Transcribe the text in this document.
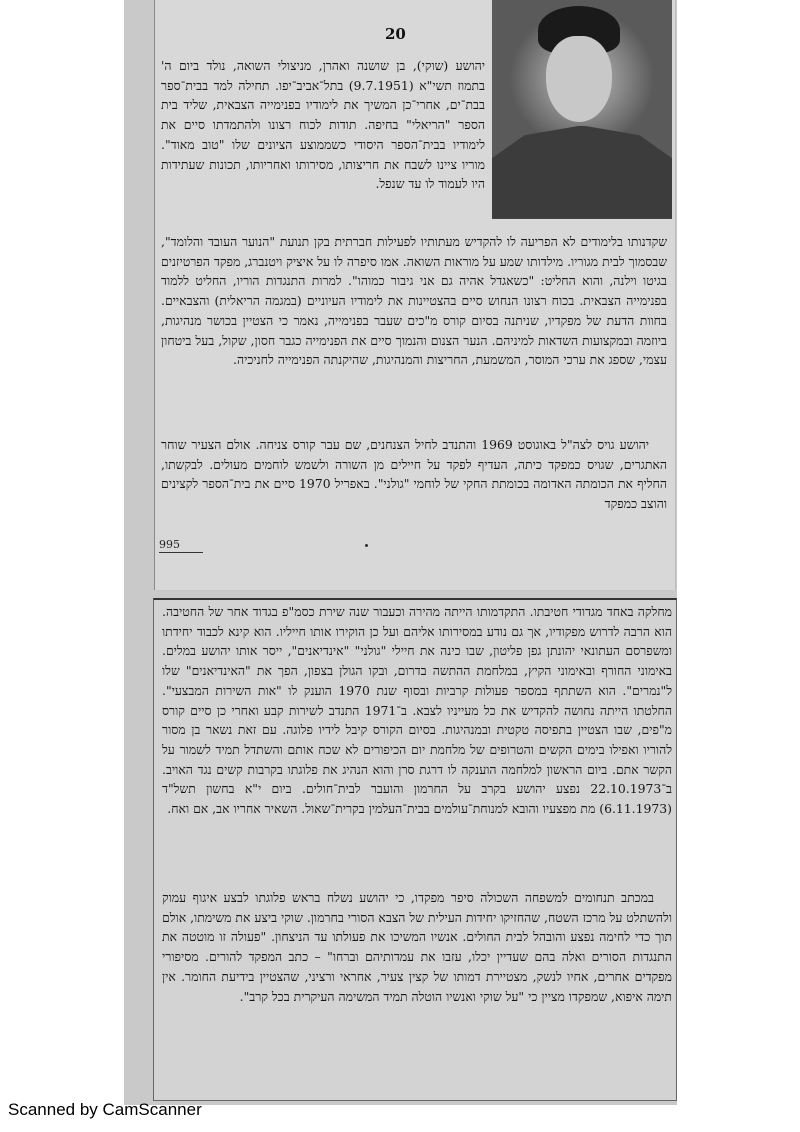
20

יהושע (שוקי), בן שושנה ואהרן, מניצולי השואה, נולד ביום ה' בתמוז תשי"א (9.7.1951) בתל־אביב־יפו. תחילה למד בבית־ספר בבת־ים, אחרי־כן המשיך את לימודיו בפנימייה הצבאית, שליד בית הספר "הריאלי" בחיפה. תודות לכוח רצונו ולהתמדתו סיים את לימודיו בבית־הספר היסודי כשממוצע הציונים שלו "טוב מאוד". מוריו ציינו לשבח את חריצותו, מסירותו ואחריותו, תכונות שעתידות היו לעמוד לו עד שנפל.

שקדנותו בלימודים לא הפריעה לו להקדיש מעתותיו לפעילות חברתית בקן תנועת "הנוער העובד והלומד", שבסמוך לבית מגוריו. מילדותו שמע על מוראות השואה. אמו סיפרה לו על איציק ויטנברג, מפקד הפרטיזנים בגיטו וילנה, והוא החליט: "כשאגדל אהיה גם אני גיבור כמוהו". למרות התנגדות הוריו, החליט ללמוד בפנימייה הצבאית. בכוח רצונו הנחוש סיים בהצטיינות את לימודיו העיוניים (במגמה הריאלית) והצבאיים. בחוות הדעת של מפקדיו, שניתנה בסיום קורס מ"כים שעבר בפנימייה, נאמר כי הצטיין בכושר מנהיגות, ביוזמה ובמקצועות השדאות למיניהם. הנער הצנום והנמוך סיים את הפנימייה כגבר חסון, שקול, בעל ביטחון עצמי, שספג את ערכי המוסר, המשמעת, החריצות והמנהיגות, שהיקנתה הפנימייה לחניכיה.

יהושע גויס לצה"ל באוגוסט 1969 והתנדב לחיל הצנחנים, שם עבר קורס צניחה. אולם הצעיר שוחר האתגרים, שגויס כמפקד כיתה, העדיף לפקד על חיילים מן השורה ולשמש לוחמים מעולים. לבקשתו, החליף את הכומתה האדומה בכומתת החקי של לוחמי "גולני". באפריל 1970 סיים את בית־הספר לקצינים והוצב כמפקד

995

מחלקה באחד מגדודי חטיבתו. התקדמותו הייתה מהירה וכעבור שנה שירת כסמ"פ בגדוד אחר של החטיבה. הוא הרבה לדרוש מפקודיו, אך גם נודע במסירותו אליהם ועל כן הוקירו אותו חייליו. הוא קינא לכבוד יחידתו ומשפרסם העתונאי יהונתן גפן פליטון, שבו כינה את חיילי "גולני" "אינדיאנים", ייסר אותו יהושע במלים. באימוני החורף ובאימוני הקיץ, במלחמת ההתשה בדרום, ובקו הגולן בצפון, הפך את "האינדיאנים" שלו ל"נמרים". הוא השתתף במספר פעולות קרביות ובסוף שנת 1970 הוענק לו "אות השירות המבצעי". החלטתו הייתה נחושה להקדיש את כל מעייניו לצבא. ב־1971 התנדב לשירות קבע ואחרי כן סיים קורס מ"פים, שבו הצטיין בתפיסה טקטית ובמנהיגות. בסיום הקורס קיבל לידיו פלוגה. עם זאת נשאר בן מסור להוריו ואפילו בימים הקשים והטרופים של מלחמת יום הכיפורים לא שכח אותם והשתדל תמיד לשמור על הקשר אתם. ביום הראשון למלחמה הוענקה לו דרגת סרן והוא הנהיג את פלוגתו בקרבות קשים נגד האויב. ב־22.10.1973 נפצע יהושע בקרב על החרמון והועבר לבית־חולים. ביום י"א בחשון תשל"ד (6.11.1973) מת מפצעיו והובא למנוחת־עולמים בבית־העלמין בקרית־שאול. השאיר אחריו אב, אם ואח.

במכתב תנחומים למשפחה השכולה סיפר מפקדו, כי יהושע נשלח בראש פלוגתו לבצע איגוף עמוק ולהשתלט על מרכז השטח, שהחזיקו יחידות העילית של הצבא הסורי בחרמון. שוקי ביצע את משימתו, אולם תוך כדי לחימה נפצע והובהל לבית החולים. אנשיו המשיכו את פעולתו עד הניצחון. "פעולה זו מוטטה את התנגדות הסורים ואלה בהם שעדיין יכלו, עזבו את עמדותיהם וברחו" – כתב המפקד להורים. מסיפורי מפקדים אחרים, אחיו לנשק, מצטיירת דמותו של קצין צעיר, אחראי ורציני, שהצטיין בידיעת החומר. אין תימה איפוא, שמפקדו מציין כי "על שוקי ואנשיו הוטלה תמיד המשימה העיקרית בכל קרב".

Scanned by CamScanner
